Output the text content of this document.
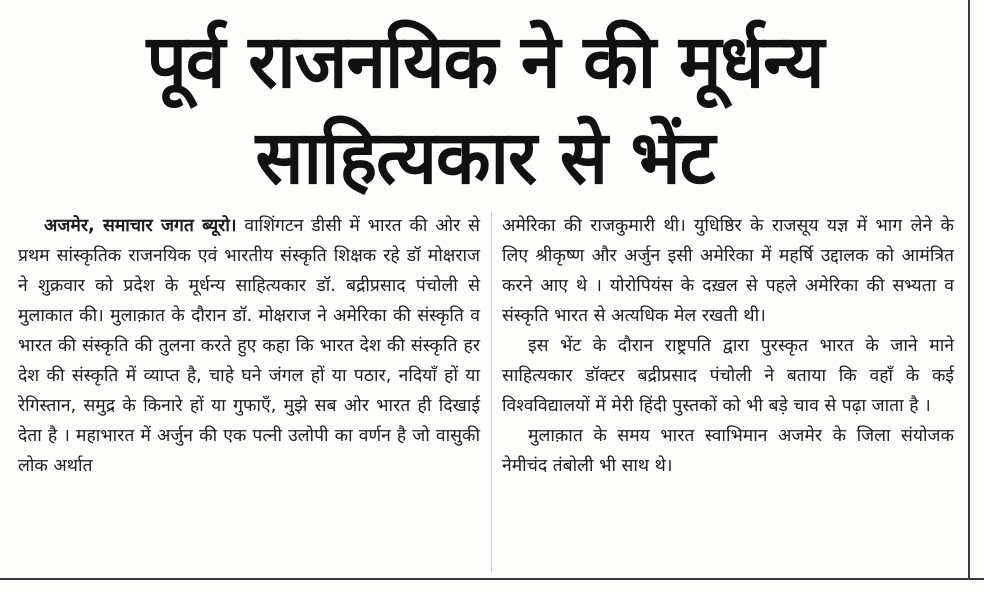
पूर्व राजनयिक ने की मूर्धन्य
साहित्यकार से भेंट

अजमेर, समाचार जगत ब्यूरो। वाशिंगटन डीसी में भारत की ओर से प्रथम सांस्कृतिक राजनयिक एवं भारतीय संस्कृति शिक्षक रहे डॉ मोक्षराज ने शुक्रवार को प्रदेश के मूर्धन्य साहित्यकार डॉ. बद्रीप्रसाद पंचोली से मुलाकात की। मुलाक़ात के दौरान डॉ. मोक्षराज ने अमेरिका की संस्कृति व भारत की संस्कृति की तुलना करते हुए कहा कि भारत देश की संस्कृति हर देश की संस्कृति में व्याप्त है, चाहे घने जंगल हों या पठार, नदियाँ हों या रेगिस्तान, समुद्र के किनारे हों या गुफाएँ, मुझे सब ओर भारत ही दिखाई देता है । महाभारत में अर्जुन की एक पत्नी उलोपी का वर्णन है जो वासुकी लोक अर्थात

अमेरिका की राजकुमारी थी। युधिष्ठिर के राजसूय यज्ञ में भाग लेने के लिए श्रीकृष्ण और अर्जुन इसी अमेरिका में महर्षि उद्दालक को आमंत्रित करने आए थे । योरोपियंस के दख़ल से पहले अमेरिका की सभ्यता व संस्कृति भारत से अत्यधिक मेल रखती थी।

इस भेंट के दौरान राष्ट्रपति द्वारा पुरस्कृत भारत के जाने माने साहित्यकार डॉक्टर बद्रीप्रसाद पंचोली ने बताया कि वहाँ के कई विश्वविद्यालयों में मेरी हिंदी पुस्तकों को भी बड़े चाव से पढ़ा जाता है ।

मुलाक़ात के समय भारत स्वाभिमान अजमेर के जिला संयोजक नेमीचंद तंबोली भी साथ थे।
